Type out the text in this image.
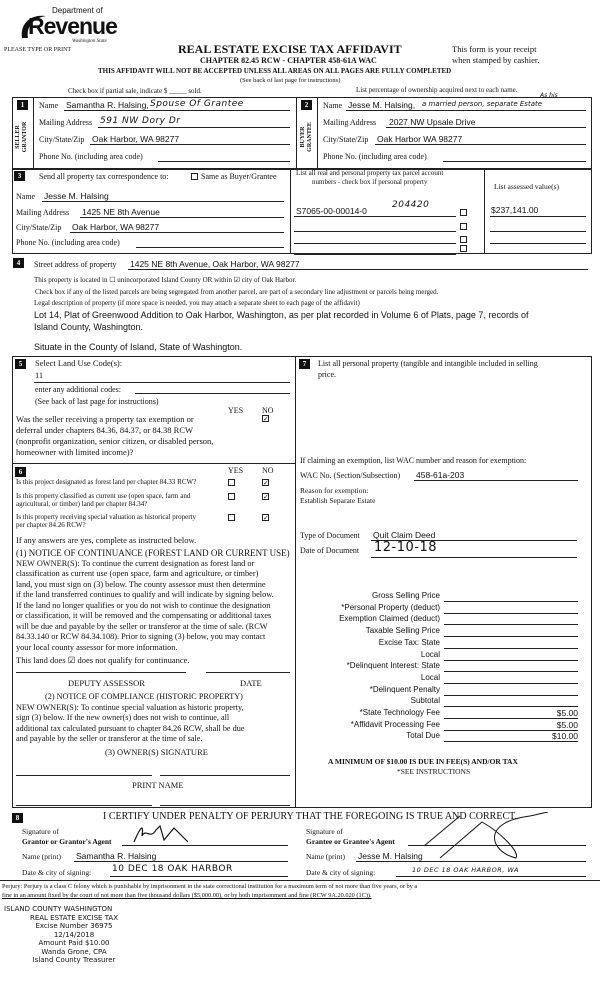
Department of
Revenue
Washington State
PLEASE TYPE OR PRINT	REAL ESTATE EXCISE TAX AFFIDAVIT
CHAPTER 82.45 RCW - CHAPTER 458-61A WAC
This form is your receipt
when stamped by cashier.
THIS AFFIDAVIT WILL NOT BE ACCEPTED UNLESS ALL AREAS ON ALL PAGES ARE FULLY COMPLETED
(See back of last page for instructions)
Check box if partial sale, indicate $ _____ sold.	List percentage of ownership acquired next to each name.
1
SELLER GRANTOR
Name Samantha R. Halsing, Spouse Of Grantee
Mailing Address 591 NW Dory Dr
City/State/Zip Oak Harbor, WA 98277
Phone No. (including area code)
2
BUYER GRANTEE
Name Jesse M. Halsing, a married person, separate Estate
As his
Mailing Address 2027 NW Upsale Drive
City/State/Zip Oak Harbor WA 98277
Phone No. (including area code)
3	Send all property tax correspondence to:	Same as Buyer/Grantee
Name Jesse M. Halsing
Mailing Address 1425 NE 8th Avenue
City/State/Zip Oak Harbor, WA 98277
Phone No. (including area code)
List all real and personal property tax parcel account
numbers - check box if personal property	List assessed value(s)
S7065-00-00014-0
204420	$237,141.00
4	Street address of property 1425 NE 8th Avenue, Oak Harbor, WA 98277
This property is located in ☐ unincorporated Island County OR within ☑ city of Oak Harbor.
Check box if any of the listed parcels are being segregated from another parcel, are part of a secondary line adjustment or parcels being merged.
Legal description of property (if more space is needed, you may attach a separate sheet to each page of the affidavit)
Lot 14, Plat of Greenwood Addition to Oak Harbor, Washington, as per plat recorded in Volume 6 of Plats, page 7, records of
Island County, Washington.
Situate in the County of Island, State of Washington.
5	Select Land Use Code(s):
11
enter any additional codes:
(See back of last page for instructions)
YES NO
✓
Was the seller receiving a property tax exemption or
deferral under chapters 84.36, 84.37, or 84.38 RCW
(nonprofit organization, senior citizen, or disabled person,
homeowner with limited income)?
6	YES NO
Is this project designated as forest land per chapter 84.33 RCW?	✓
Is this property classified as current use (open space, farm and
agricultural, or timber) land per chapter 84.34?
✓
Is this property receiving special valuation as historical property
per chapter 84.26 RCW?
✓
If any answers are yes, complete as instructed below.
(1) NOTICE OF CONTINUANCE (FOREST LAND OR CURRENT USE)
NEW OWNER(S): To continue the current designation as forest land or
classification as current use (open space, farm and agriculture, or timber)
land, you must sign on (3) below. The county assessor must then determine
if the land transferred continues to qualify and will indicate by signing below.
If the land no longer qualifies or you do not wish to continue the designation
or classification, it will be removed and the compensating or additional taxes
will be due and payable by the seller or transferor at the time of sale. (RCW
84.33.140 or RCW 84.34.108). Prior to signing (3) below, you may contact
your local county assessor for more information.
This land does ☑ does not qualify for continuance.
DEPUTY ASSESSOR	DATE
(2) NOTICE OF COMPLIANCE (HISTORIC PROPERTY)
NEW OWNER(S): To continue special valuation as historic property,
sign (3) below. If the new owner(s) does not wish to continue, all
additional tax calculated pursuant to chapter 84.26 RCW, shall be due
and payable by the seller or transferor at the time of sale.
(3) OWNER(S) SIGNATURE
PRINT NAME
7	List all personal property (tangible and intangible included in selling
price.
If claiming an exemption, list WAC number and reason for exemption:
WAC No. (Section/Subsection) 458-61a-203
Reason for exemption:
Establish Separate Estate
Type of Document Quit Claim Deed
Date of Document 12-10-18
Gross Selling Price
*Personal Property (deduct)
Exemption Claimed (deduct)
Taxable Selling Price
Excise Tax: State
Local
*Delinquent Interest: State
Local
*Delinquent Penalty
Subtotal
*State Technology Fee	$5.00
*Affidavit Processing Fee	$5.00
Total Due	$10.00
A MINIMUM OF $10.00 IS DUE IN FEE(S) AND/OR TAX
*SEE INSTRUCTIONS
8	I CERTIFY UNDER PENALTY OF PERJURY THAT THE FOREGOING IS TRUE AND CORRECT.
Signature of
Grantor or Grantor's Agent
Name (print) Samantha R. Halsing
Date & city of signing: 10 DEC 18 OAK HARBOR
Signature of
Grantee or Grantee's Agent
Name (print) Jesse M. Halsing
Date & city of signing:	10 DEC 18 OAK HARBOR, WA
Perjury: Perjury is a class C felony which is punishable by imprisonment in the state correctional institution for a maximum term of not more than five years, or by a
fine in an amount fixed by the court of not more than five thousand dollars ($5,000.00), or by both imprisonment and fine (RCW 9A.20.020 (1C)).
ISLAND COUNTY WASHINGTON
REAL ESTATE EXCISE TAX
Excise Number 36975
12/14/2018
Amount Paid $10.00
Wanda Grone, CPA
Island County Treasurer
